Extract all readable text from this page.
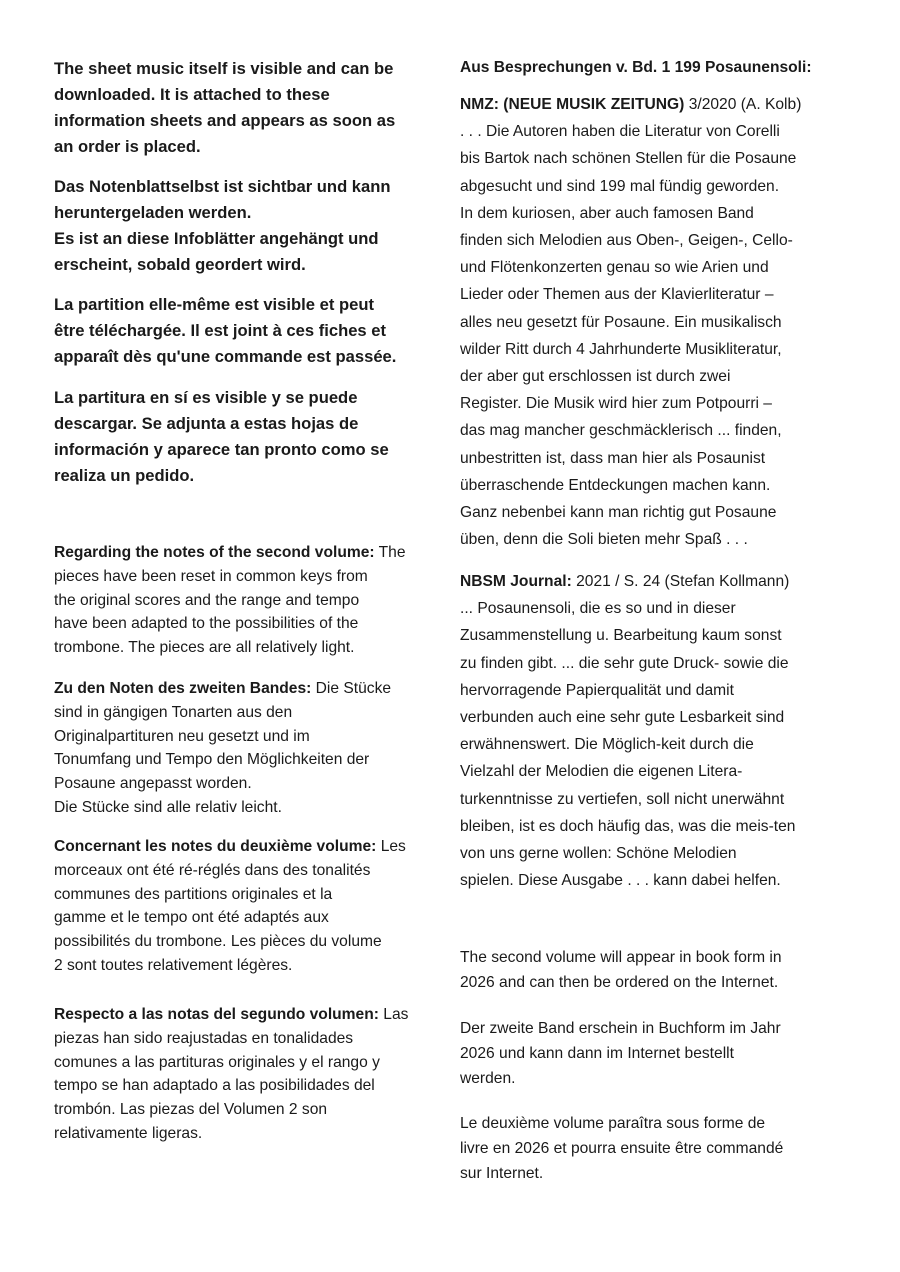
The sheet music itself is visible and can be
downloaded. It is attached to these
information sheets and appears as soon as
an order is placed.

Das Notenblattselbst ist sichtbar und kann
heruntergeladen werden.
Es ist an diese Infoblätter angehängt und
erscheint, sobald geordert wird.

La partition elle-même est visible et peut
être téléchargée. Il est joint à ces fiches et
apparaît dès qu'une commande est passée.

La partitura en sí es visible y se puede
descargar. Se adjunta a estas hojas de
información y aparece tan pronto como se
realiza un pedido.

Regarding the notes of the second volume: The
pieces have been reset in common keys from
the original scores and the range and tempo
have been adapted to the possibilities of the
trombone. The pieces are all relatively light.

Zu den Noten des zweiten Bandes: Die Stücke
sind in gängigen Tonarten aus den
Originalpartituren neu gesetzt und im
Tonumfang und Tempo den Möglichkeiten der
Posaune angepasst worden.
Die Stücke sind alle relativ leicht.

Concernant les notes du deuxième volume: Les
morceaux ont été ré-réglés dans des tonalités
communes des partitions originales et la
gamme et le tempo ont été adaptés aux
possibilités du trombone. Les pièces du volume
2 sont toutes relativement légères.

Respecto a las notas del segundo volumen: Las
piezas han sido reajustadas en tonalidades
comunes a las partituras originales y el rango y
tempo se han adaptado a las posibilidades del
trombón. Las piezas del Volumen 2 son
relativamente ligeras.

Aus Besprechungen v. Bd. 1 199 Posaunensoli:

NMZ: (NEUE MUSIK ZEITUNG) 3/2020 (A. Kolb)
. . . Die Autoren haben die Literatur von Corelli
bis Bartok nach schönen Stellen für die Posaune
abgesucht und sind 199 mal fündig geworden.
In dem kuriosen, aber auch famosen Band
finden sich Melodien aus Oben-, Geigen-, Cello-
und Flötenkonzerten genau so wie Arien und
Lieder oder Themen aus der Klavierliteratur –
alles neu gesetzt für Posaune. Ein musikalisch
wilder Ritt durch 4 Jahrhunderte Musikliteratur,
der aber gut erschlossen ist durch zwei
Register. Die Musik wird hier zum Potpourri –
das mag mancher geschmäcklerisch ... finden,
unbestritten ist, dass man hier als Posaunist
überraschende Entdeckungen machen kann.
Ganz nebenbei kann man richtig gut Posaune
üben, denn die Soli bieten mehr Spaß . . .

NBSM Journal: 2021 / S. 24 (Stefan Kollmann)
... Posaunensoli, die es so und in dieser
Zusammenstellung u. Bearbeitung kaum sonst
zu finden gibt. ... die sehr gute Druck- sowie die
hervorragende Papierqualität und damit
verbunden auch eine sehr gute Lesbarkeit sind
erwähnenswert. Die Möglich-keit durch die
Vielzahl der Melodien die eigenen Litera-
turkenntnisse zu vertiefen, soll nicht unerwähnt
bleiben, ist es doch häufig das, was die meis-ten
von uns gerne wollen: Schöne Melodien
spielen. Diese Ausgabe . . . kann dabei helfen.

The second volume will appear in book form in
2026 and can then be ordered on the Internet.

Der zweite Band erschein in Buchform im Jahr
2026 und kann dann im Internet bestellt
werden.

Le deuxième volume paraîtra sous forme de
livre en 2026 et pourra ensuite être commandé
sur Internet.
